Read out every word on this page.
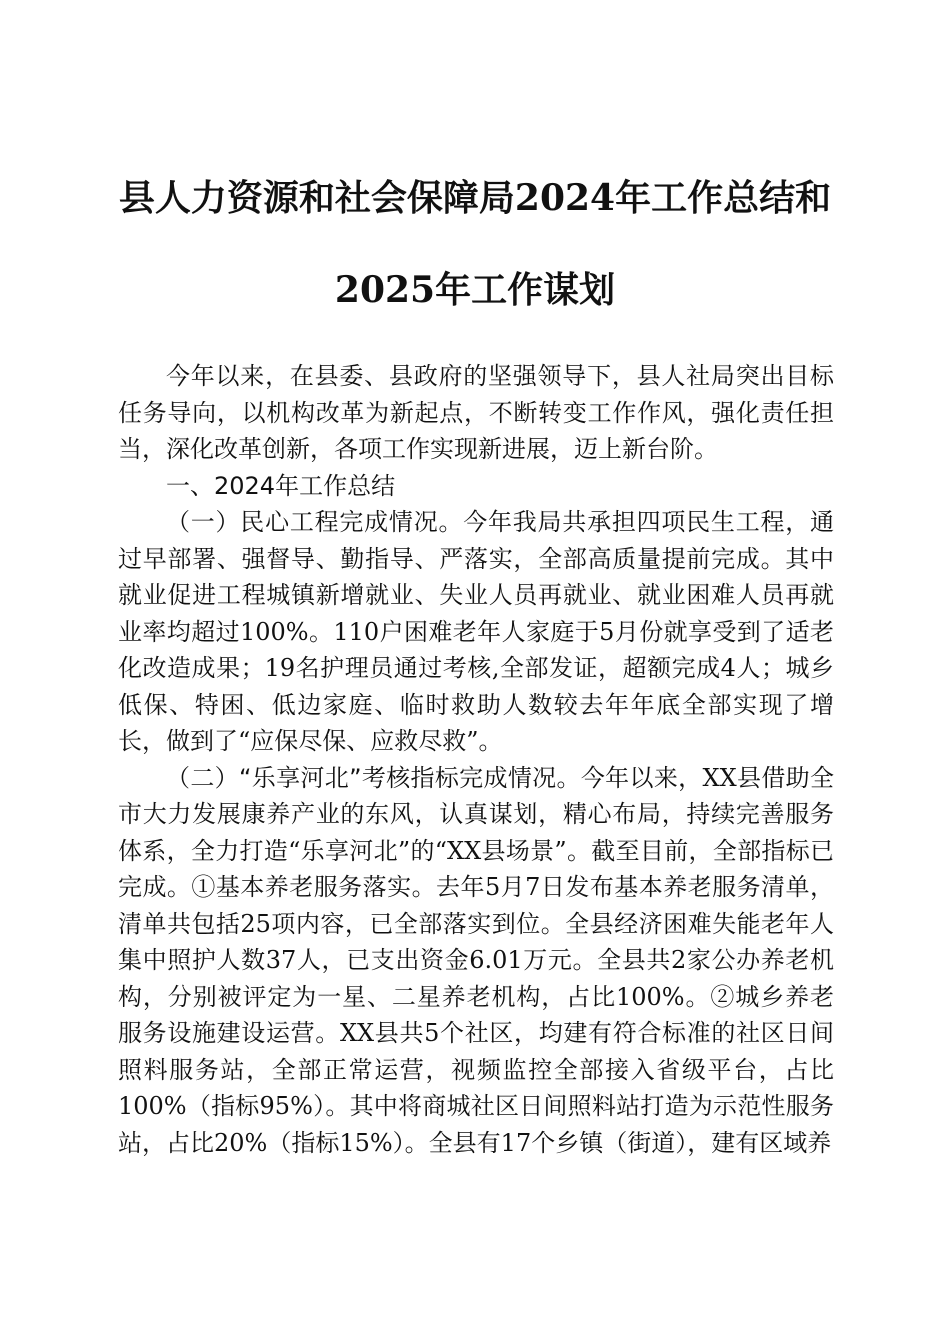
县人力资源和社会保障局2024年工作总结和
2025年工作谋划

今年以来，在县委、县政府的坚强领导下，县人社局突出目标任务导向，以机构改革为新起点，不断转变工作作风，强化责任担当，深化改革创新，各项工作实现新进展，迈上新台阶。

一、2024年工作总结

（一）民心工程完成情况。今年我局共承担四项民生工程，通过早部署、强督导、勤指导、严落实，全部高质量提前完成。其中就业促进工程城镇新增就业、失业人员再就业、就业困难人员再就业率均超过100%。110户困难老年人家庭于5月份就享受到了适老化改造成果；19名护理员通过考核,全部发证，超额完成4人；城乡低保、特困、低边家庭、临时救助人数较去年年底全部实现了增长，做到了“应保尽保、应救尽救”。

（二）“乐享河北”考核指标完成情况。今年以来，XX县借助全市大力发展康养产业的东风，认真谋划，精心布局，持续完善服务体系，全力打造“乐享河北”的“XX县场景”。截至目前，全部指标已完成。①基本养老服务落实。去年5月7日发布基本养老服务清单，清单共包括25项内容，已全部落实到位。全县经济困难失能老年人集中照护人数37人，已支出资金6.01万元。全县共2家公办养老机构，分别被评定为一星、二星养老机构，占比100%。②城乡养老服务设施建设运营。XX县共5个社区，均建有符合标准的社区日间照料服务站，全部正常运营，视频监控全部接入省级平台，占比100%（指标95%）。其中将商城社区日间照料站打造为示范性服务站，占比20%（指标15%）。全县有17个乡镇（街道），建有区域养
